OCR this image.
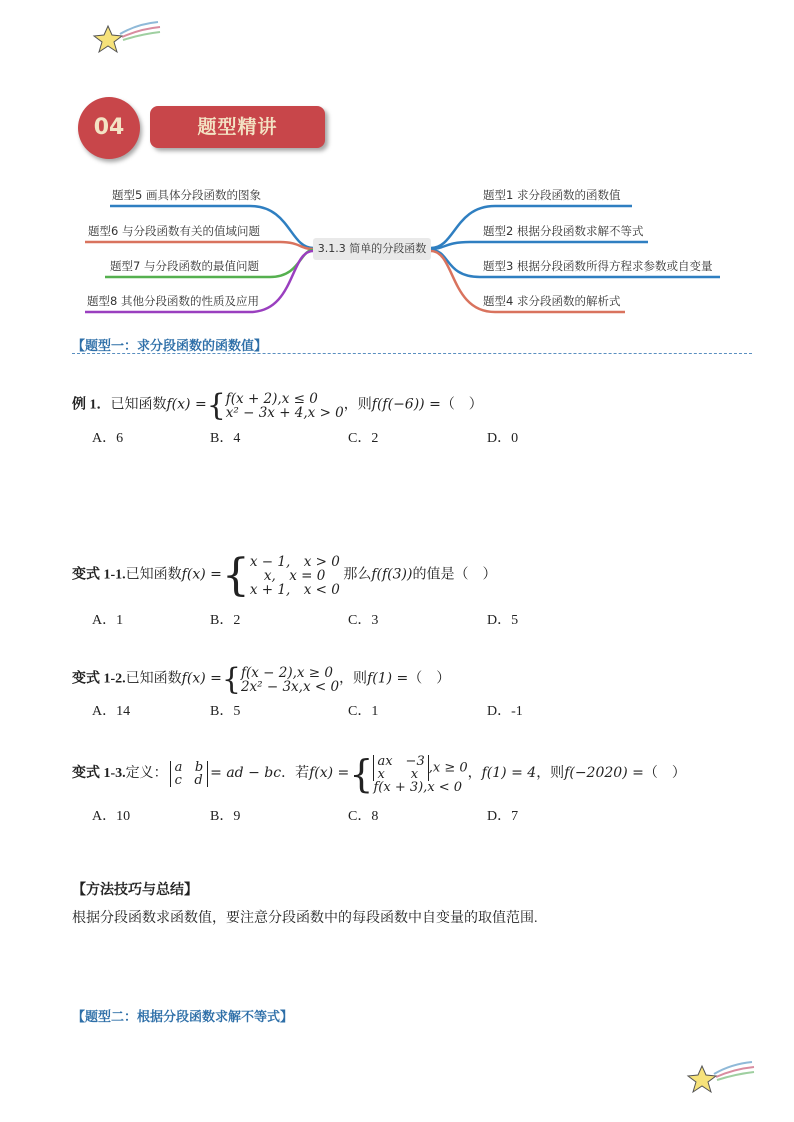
04	题型精讲
3.1.3 简单的分段函数
题型5 画具体分段函数的图象
题型6 与分段函数有关的值域问题
题型7 与分段函数的最值问题
题型8 其他分段函数的性质及应用
题型1 求分段函数的函数值
题型2 根据分段函数求解不等式
题型3 根据分段函数所得方程求参数或自变量
题型4 求分段函数的解析式
【题型一：求分段函数的函数值】
例 1．已知函数f(x) ={ f(x + 2),x ≤ 0
x² − 3x + 4,x > 0 ，则f(f(−6)) =（　）
A．6	B．4	C．2	D．0
变式 1-1.已知函数f(x) ={ x − 1,　x > 0
x,　x = 0
x + 1,　x < 0
那么f(f(3))的值是（　）
A．1	B．2	C．3	D．5
变式 1-2.已知函数f(x) ={ f(x − 2),x ≥ 0
2x² − 3x,x < 0 ，则f(1) =（　）
A．14	B．5	C．1	D．-1
变式 1-3.定义： a   b
c   d = ad − bc．若f(x) ={ ax　−3
x　　x ,x ≥ 0
f(x + 3),x < 0
，f(1) = 4，则f(−2020) =（　）
A．10	B．9	C．8	D．7
【方法技巧与总结】
根据分段函数求函数值，要注意分段函数中的每段函数中自变量的取值范围.
【题型二：根据分段函数求解不等式】
